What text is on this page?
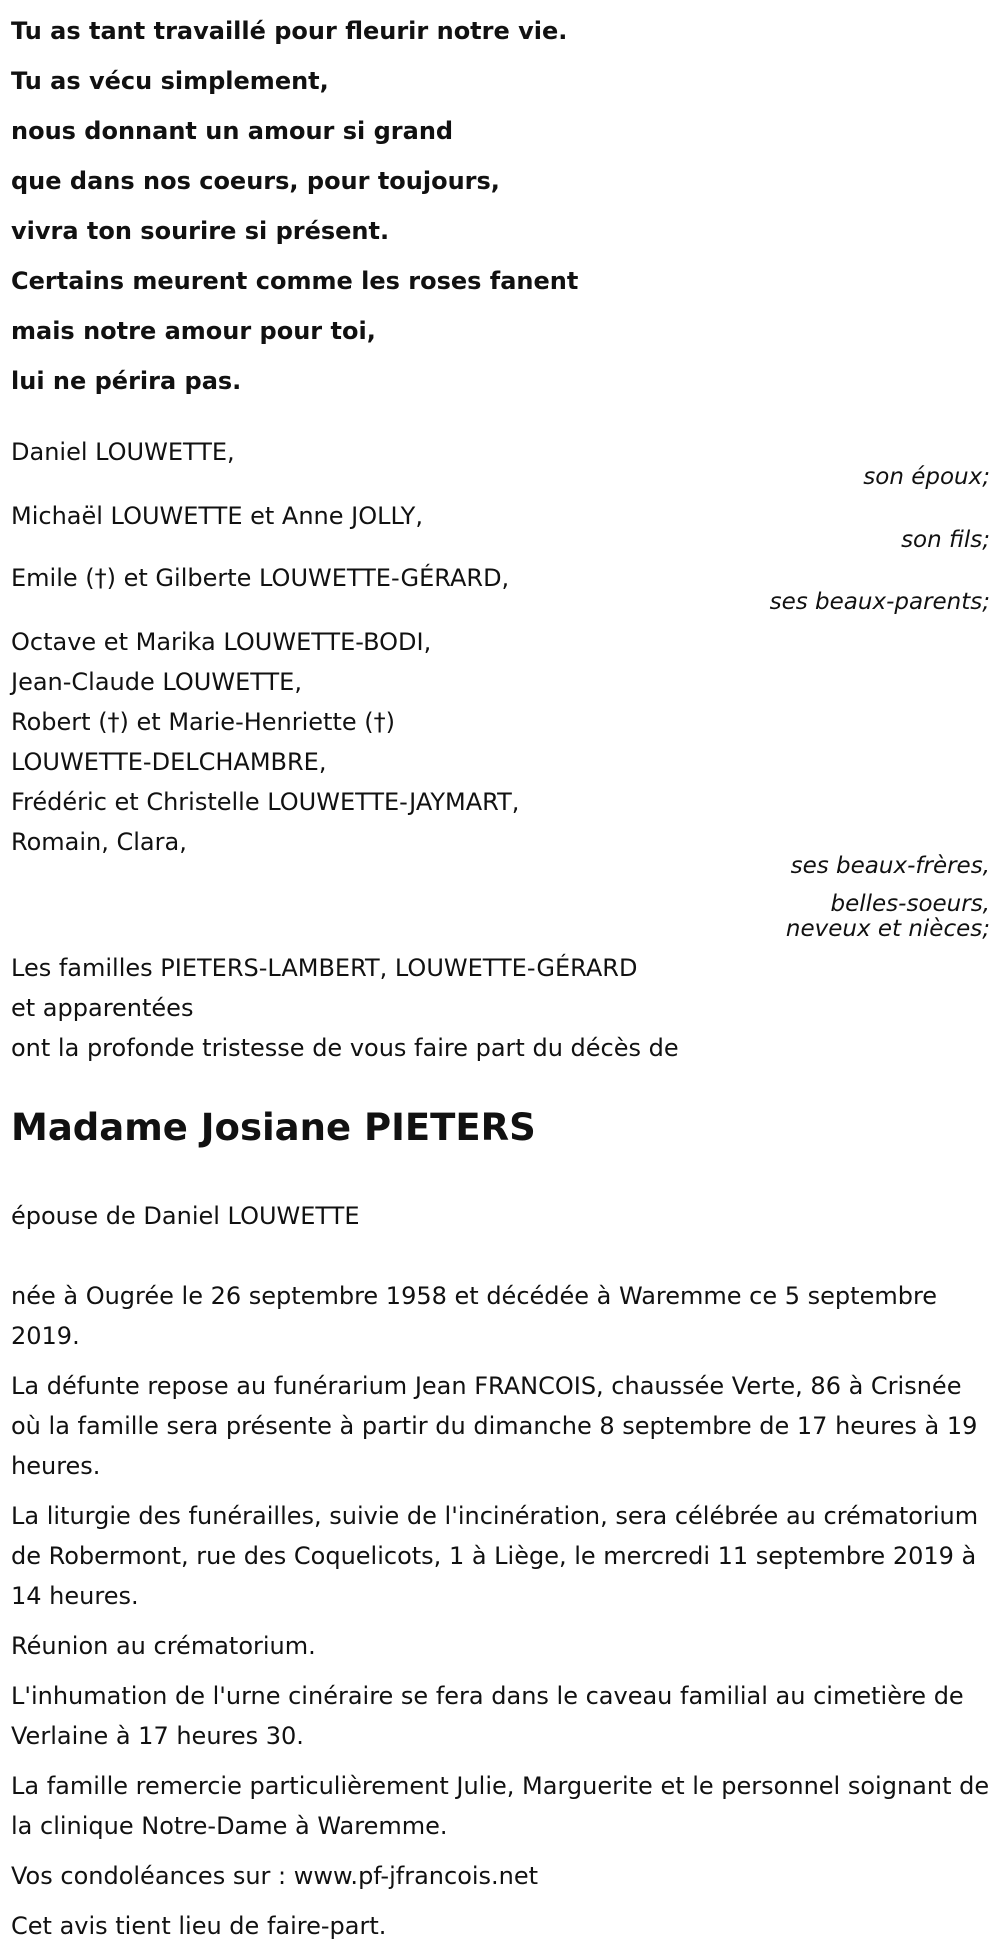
Tu as tant travaillé pour fleurir notre vie.
Tu as vécu simplement,
nous donnant un amour si grand
que dans nos coeurs, pour toujours,
vivra ton sourire si présent.
Certains meurent comme les roses fanent
mais notre amour pour toi,
lui ne périra pas.
Daniel LOUWETTE,
son époux;
Michaël LOUWETTE et Anne JOLLY,
son fils;
Emile (†) et Gilberte LOUWETTE-GÉRARD,
ses beaux-parents;
Octave et Marika LOUWETTE-BODI,
Jean-Claude LOUWETTE,
Robert (†) et Marie-Henriette (†)
LOUWETTE-DELCHAMBRE,
Frédéric et Christelle LOUWETTE-JAYMART,
Romain, Clara,
ses beaux-frères,
belles-soeurs,
neveux et nièces;
Les familles PIETERS-LAMBERT, LOUWETTE-GÉRARD
et apparentées
ont la profonde tristesse de vous faire part du décès de
Madame Josiane PIETERS
épouse de Daniel LOUWETTE

née à Ougrée le 26 septembre 1958 et décédée à Waremme ce 5 septembre 2019.

La défunte repose au funérarium Jean FRANCOIS, chaussée Verte, 86 à Crisnée où la famille sera présente à partir du dimanche 8 septembre de 17 heures à 19 heures.

La liturgie des funérailles, suivie de l'incinération, sera célébrée au crématorium de Robermont, rue des Coquelicots, 1 à Liège, le mercredi 11 septembre 2019 à 14 heures.

Réunion au crématorium.

L'inhumation de l'urne cinéraire se fera dans le caveau familial au cimetière de Verlaine à 17 heures 30.

La famille remercie particulièrement Julie, Marguerite et le personnel soignant de la clinique Notre-Dame à Waremme.

Vos condoléances sur : www.pf-jfrancois.net

Cet avis tient lieu de faire-part.
